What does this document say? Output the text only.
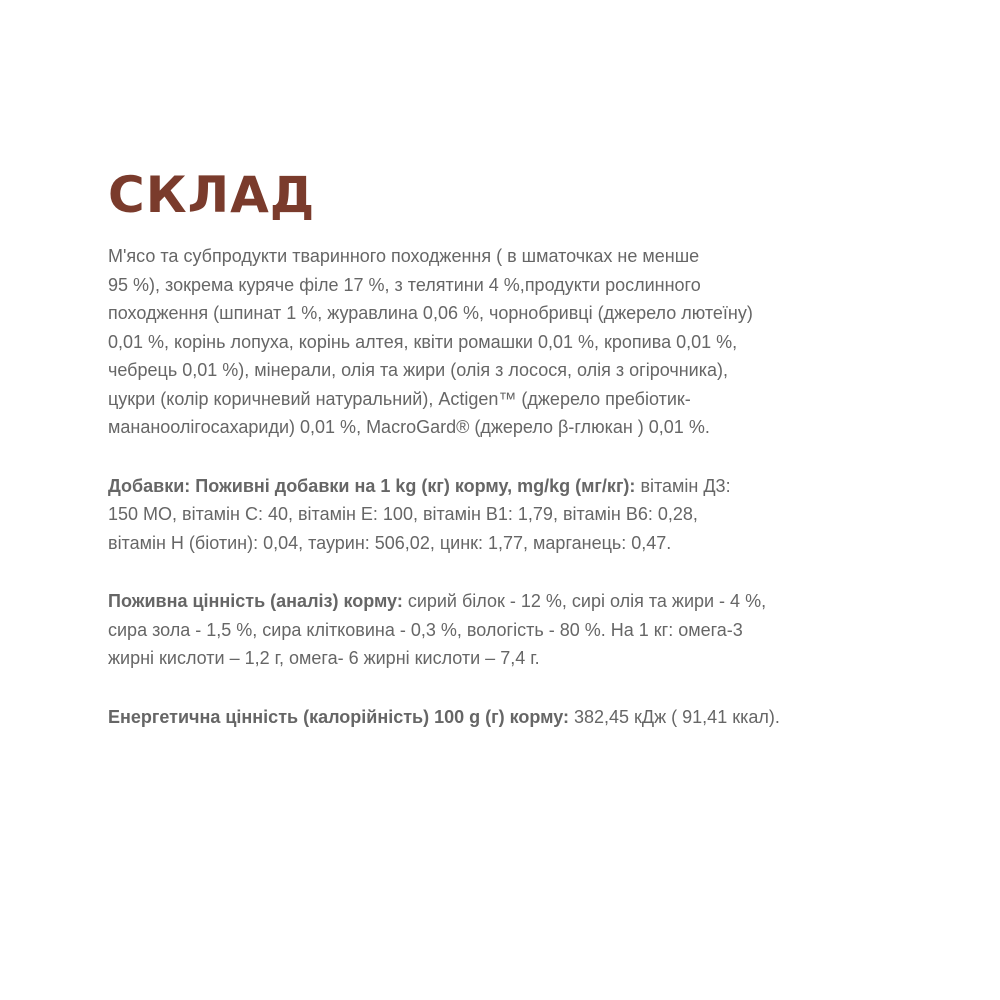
СКЛАД
М'ясо та субпродукти тваринного походження ( в шматочках не менше
95 %), зокрема куряче філе 17 %, з телятини 4 %,продукти рослинного
походження (шпинат 1 %, журавлина 0,06 %, чорнобривці (джерело лютеїну)
0,01 %, корінь лопуха, корінь алтея, квіти ромашки 0,01 %, кропива 0,01 %,
чебрець 0,01 %), мінерали, олія та жири (олія з лосося, олія з огірочника),
цукри (колір коричневий натуральний), Actigen™ (джерело пребіотик-
мананоолігосахариди) 0,01 %, MacroGard® (джерело β-глюкан ) 0,01 %.
Добавки: Поживні добавки на 1 kg (кг) корму, mg/kg (мг/кг): вітамін Д3:
150 МО, вітамін С: 40, вітамін Е: 100, вітамін В1: 1,79, вітамін В6: 0,28,
вітамін Н (біотин): 0,04, таурин: 506,02, цинк: 1,77, марганець: 0,47.
Поживна цінність (аналіз) корму: сирий білок - 12 %, сирі олія та жири - 4 %,
сира зола - 1,5 %, сира клітковина - 0,3 %, вологість - 80 %. На 1 кг: омега-3
жирні кислоти – 1,2 г, омега- 6 жирні кислоти – 7,4 г.
Енергетична цінність (калорійність) 100 g (г) корму: 382,45 кДж ( 91,41 ккал).
